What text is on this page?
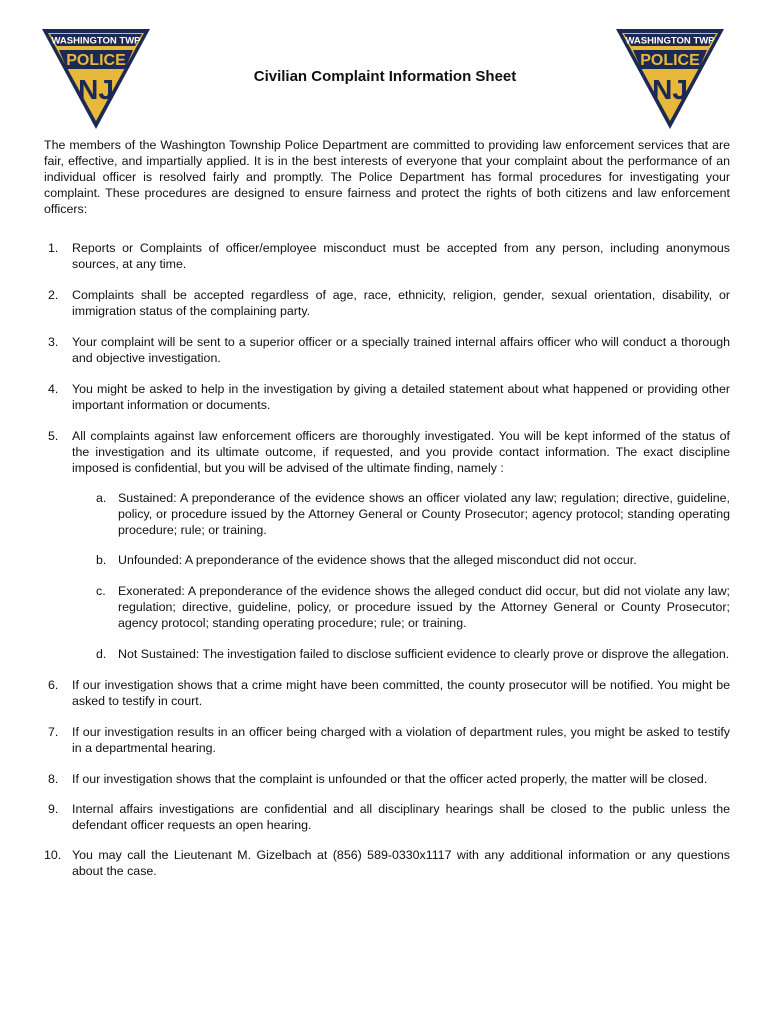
WASHINGTON TWP
POLICE
NJ
WASHINGTON TWP
POLICE
NJ
Civilian Complaint Information Sheet

The members of the Washington Township Police Department are committed to providing law enforcement services that are fair, effective, and impartially applied. It is in the best interests of everyone that your complaint about the performance of an individual officer is resolved fairly and promptly. The Police Department has formal procedures for investigating your complaint. These procedures are designed to ensure fairness and protect the rights of both citizens and law enforcement officers:

1. Reports or Complaints of officer/employee misconduct must be accepted from any person, including anonymous sources, at any time.
2. Complaints shall be accepted regardless of age, race, ethnicity, religion, gender, sexual orientation, disability, or immigration status of the complaining party.
3. Your complaint will be sent to a superior officer or a specially trained internal affairs officer who will conduct a thorough and objective investigation.
4. You might be asked to help in the investigation by giving a detailed statement about what happened or providing other important information or documents.
5. All complaints against law enforcement officers are thoroughly investigated. You will be kept informed of the status of the investigation and its ultimate outcome, if requested, and you provide contact information. The exact discipline imposed is confidential, but you will be advised of the ultimate finding, namely :
a. Sustained: A preponderance of the evidence shows an officer violated any law; regulation; directive, guideline, policy, or procedure issued by the Attorney General or County Prosecutor; agency protocol; standing operating procedure; rule; or training.
b. Unfounded: A preponderance of the evidence shows that the alleged misconduct did not occur.
c. Exonerated: A preponderance of the evidence shows the alleged conduct did occur, but did not violate any law; regulation; directive, guideline, policy, or procedure issued by the Attorney General or County Prosecutor; agency protocol; standing operating procedure; rule; or training.
d. Not Sustained: The investigation failed to disclose sufficient evidence to clearly prove or disprove the allegation.
6. If our investigation shows that a crime might have been committed, the county prosecutor will be notified. You might be asked to testify in court.
7. If our investigation results in an officer being charged with a violation of department rules, you might be asked to testify in a departmental hearing.
8. If our investigation shows that the complaint is unfounded or that the officer acted properly, the matter will be closed.
9. Internal affairs investigations are confidential and all disciplinary hearings shall be closed to the public unless the defendant officer requests an open hearing.
10. You may call the Lieutenant M. Gizelbach at (856) 589-0330x1117 with any additional information or any questions about the case.
